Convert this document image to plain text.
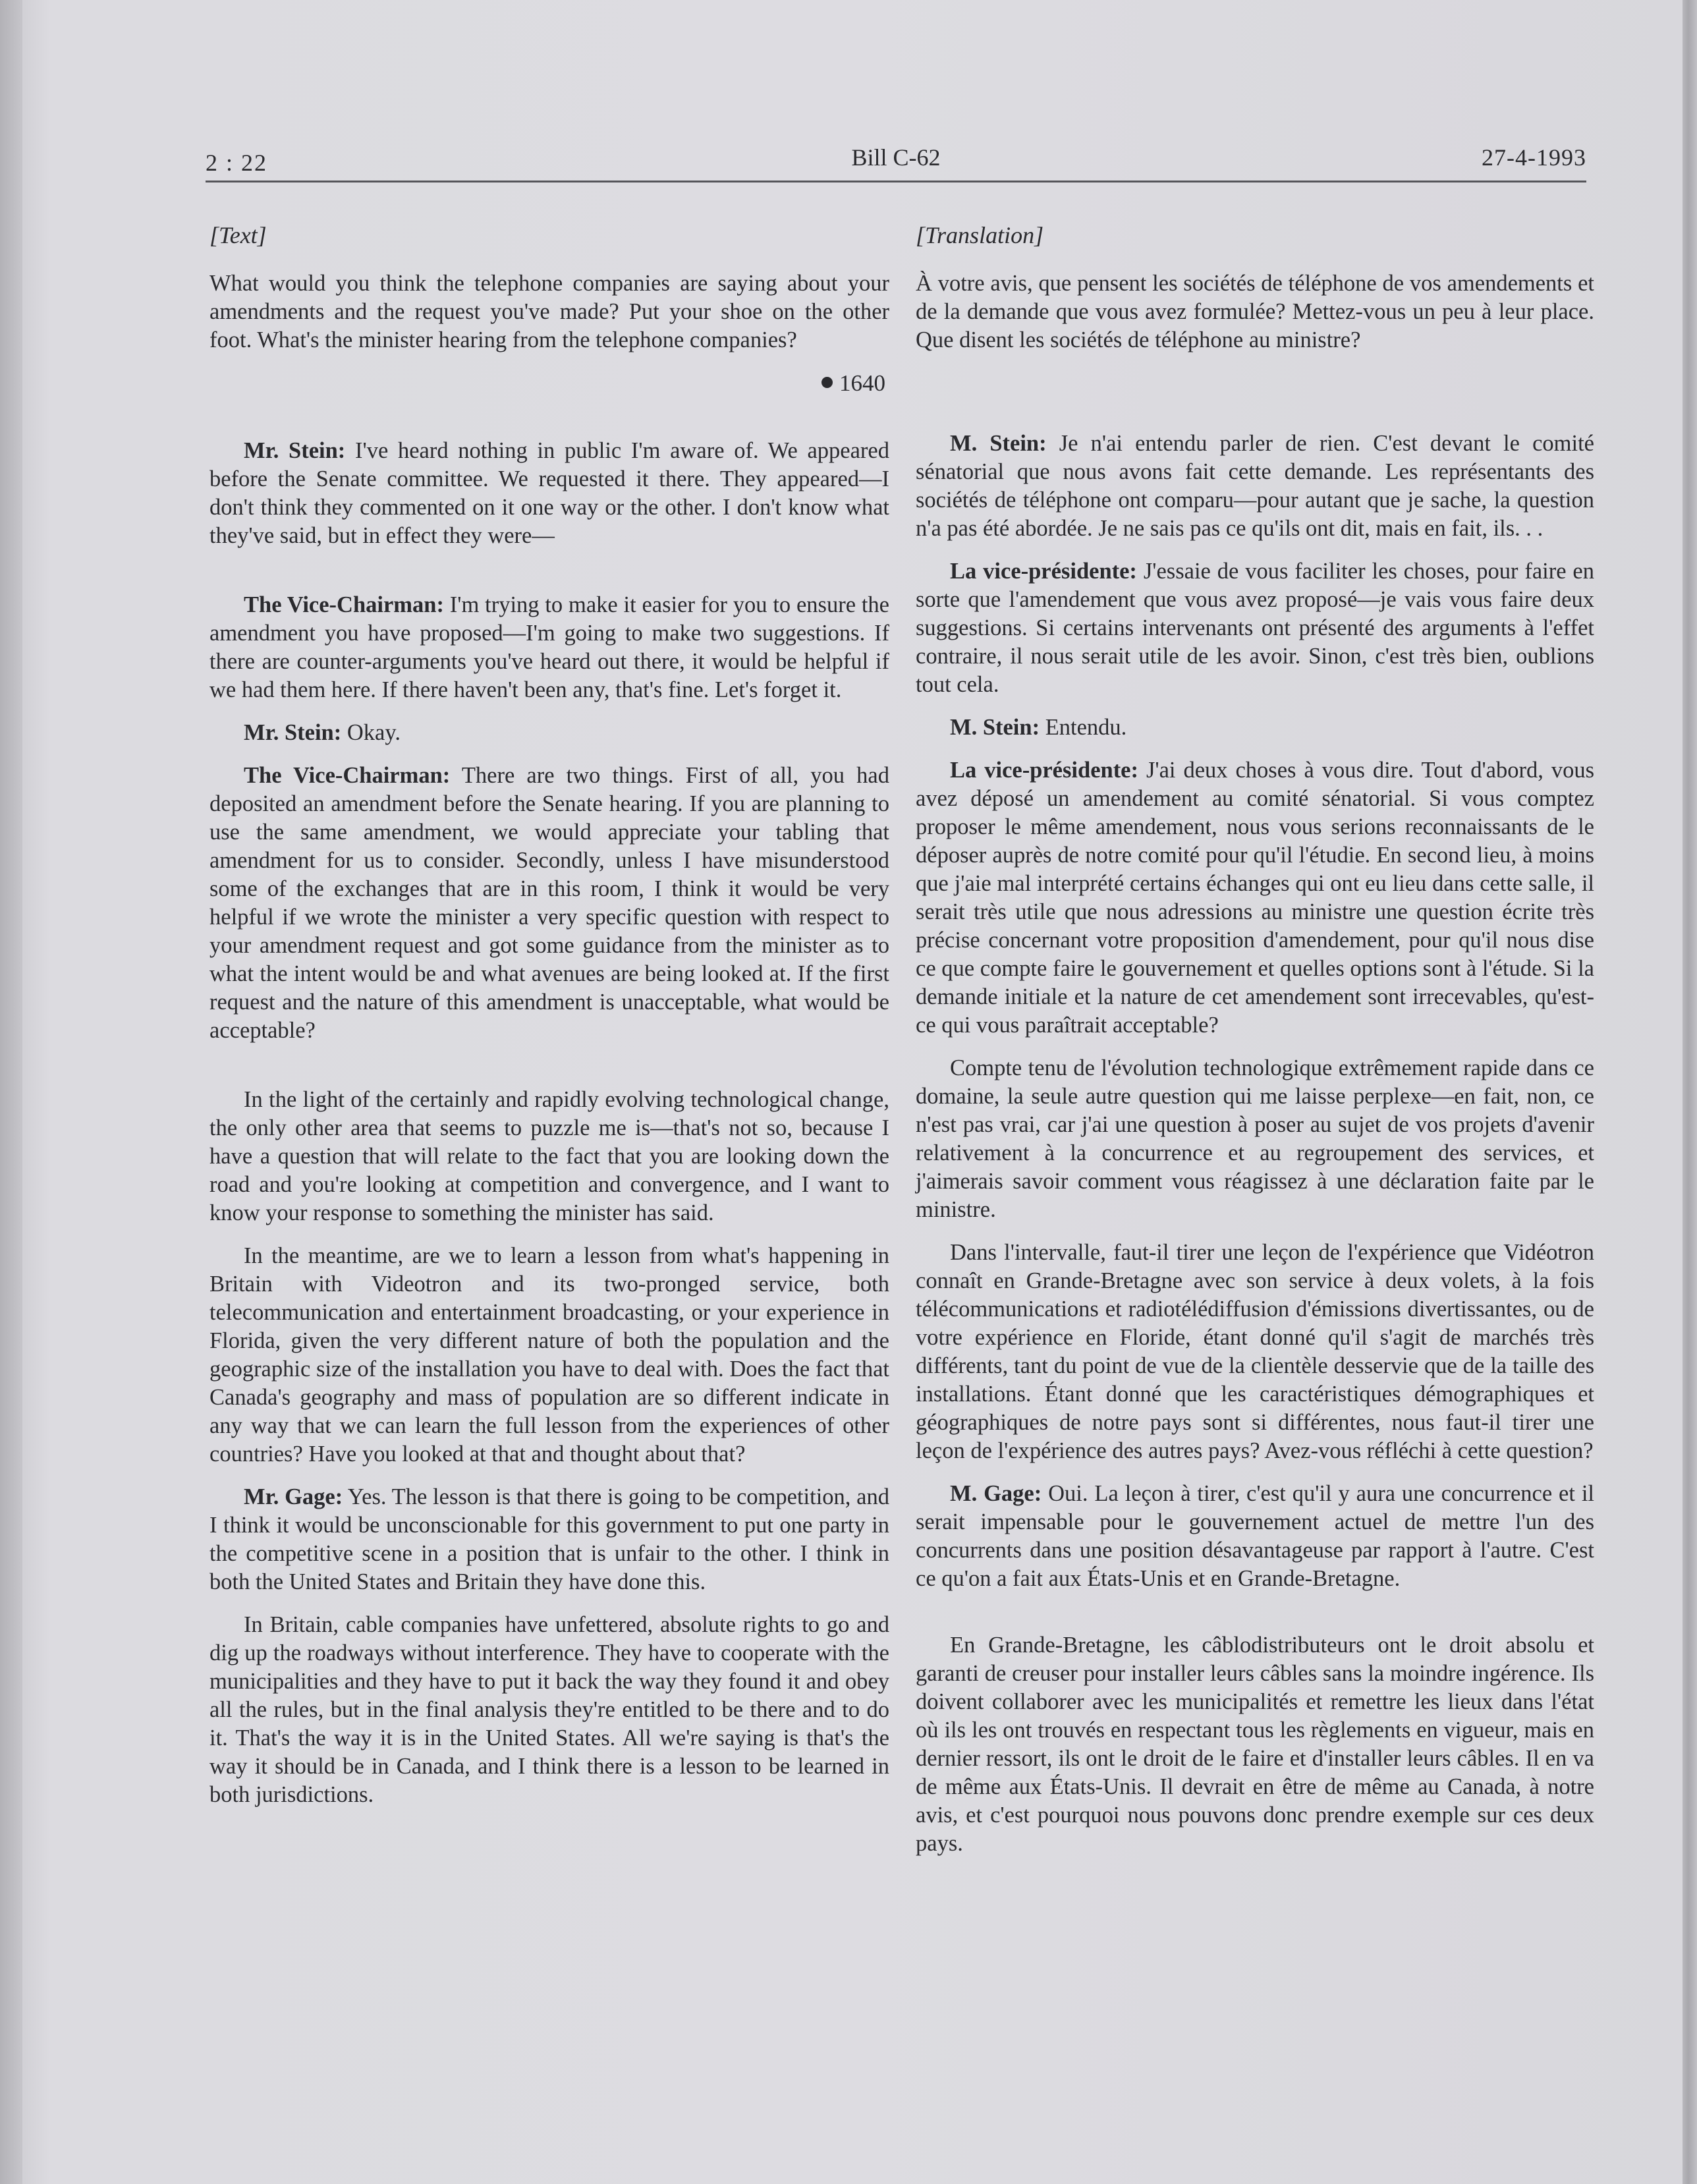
2 : 22	Bill C-62	27-4-1993
[Text]

What would you think the telephone companies are saying about your amendments and the request you've made? Put your shoe on the other foot. What's the minister hearing from the telephone companies?

1640

Mr. Stein: I've heard nothing in public I'm aware of. We appeared before the Senate committee. We requested it there. They appeared—I don't think they commented on it one way or the other. I don't know what they've said, but in effect they were—

The Vice-Chairman: I'm trying to make it easier for you to ensure the amendment you have proposed—I'm going to make two suggestions. If there are counter-arguments you've heard out there, it would be helpful if we had them here. If there haven't been any, that's fine. Let's forget it.

Mr. Stein: Okay.

The Vice-Chairman: There are two things. First of all, you had deposited an amendment before the Senate hearing. If you are planning to use the same amendment, we would appreciate your tabling that amendment for us to consider. Secondly, unless I have misunderstood some of the exchanges that are in this room, I think it would be very helpful if we wrote the minister a very specific question with respect to your amendment request and got some guidance from the minister as to what the intent would be and what avenues are being looked at. If the first request and the nature of this amendment is unacceptable, what would be acceptable?

In the light of the certainly and rapidly evolving technological change, the only other area that seems to puzzle me is—that's not so, because I have a question that will relate to the fact that you are looking down the road and you're looking at competition and convergence, and I want to know your response to something the minister has said.

In the meantime, are we to learn a lesson from what's happening in Britain with Videotron and its two-pronged service, both telecommunication and entertainment broadcasting, or your experience in Florida, given the very different nature of both the population and the geographic size of the installation you have to deal with. Does the fact that Canada's geography and mass of population are so different indicate in any way that we can learn the full lesson from the experiences of other countries? Have you looked at that and thought about that?

Mr. Gage: Yes. The lesson is that there is going to be competition, and I think it would be unconscionable for this government to put one party in the competitive scene in a position that is unfair to the other. I think in both the United States and Britain they have done this.

In Britain, cable companies have unfettered, absolute rights to go and dig up the roadways without interference. They have to cooperate with the municipalities and they have to put it back the way they found it and obey all the rules, but in the final analysis they're entitled to be there and to do it. That's the way it is in the United States. All we're saying is that's the way it should be in Canada, and I think there is a lesson to be learned in both jurisdictions.

[Translation]

À votre avis, que pensent les sociétés de téléphone de vos amendements et de la demande que vous avez formulée? Mettez-vous un peu à leur place. Que disent les sociétés de téléphone au ministre?

M. Stein: Je n'ai entendu parler de rien. C'est devant le comité sénatorial que nous avons fait cette demande. Les représentants des sociétés de téléphone ont comparu—pour autant que je sache, la question n'a pas été abordée. Je ne sais pas ce qu'ils ont dit, mais en fait, ils. . .

La vice-présidente: J'essaie de vous faciliter les choses, pour faire en sorte que l'amendement que vous avez proposé—je vais vous faire deux suggestions. Si certains intervenants ont présenté des arguments à l'effet contraire, il nous serait utile de les avoir. Sinon, c'est très bien, oublions tout cela.

M. Stein: Entendu.

La vice-présidente: J'ai deux choses à vous dire. Tout d'abord, vous avez déposé un amendement au comité sénatorial. Si vous comptez proposer le même amendement, nous vous serions reconnaissants de le déposer auprès de notre comité pour qu'il l'étudie. En second lieu, à moins que j'aie mal interprété certains échanges qui ont eu lieu dans cette salle, il serait très utile que nous adressions au ministre une question écrite très précise concernant votre proposition d'amendement, pour qu'il nous dise ce que compte faire le gouvernement et quelles options sont à l'étude. Si la demande initiale et la nature de cet amendement sont irrecevables, qu'est-ce qui vous paraîtrait acceptable?

Compte tenu de l'évolution technologique extrêmement rapide dans ce domaine, la seule autre question qui me laisse perplexe—en fait, non, ce n'est pas vrai, car j'ai une question à poser au sujet de vos projets d'avenir relativement à la concurrence et au regroupement des services, et j'aimerais savoir comment vous réagissez à une déclaration faite par le ministre.

Dans l'intervalle, faut-il tirer une leçon de l'expérience que Vidéotron connaît en Grande-Bretagne avec son service à deux volets, à la fois télécommunications et radiotélédiffusion d'émissions divertissantes, ou de votre expérience en Floride, étant donné qu'il s'agit de marchés très différents, tant du point de vue de la clientèle desservie que de la taille des installations. Étant donné que les caractéristiques démographiques et géographiques de notre pays sont si différentes, nous faut-il tirer une leçon de l'expérience des autres pays? Avez-vous réfléchi à cette question?

M. Gage: Oui. La leçon à tirer, c'est qu'il y aura une concurrence et il serait impensable pour le gouvernement actuel de mettre l'un des concurrents dans une position désavantageuse par rapport à l'autre. C'est ce qu'on a fait aux États-Unis et en Grande-Bretagne.

En Grande-Bretagne, les câblodistributeurs ont le droit absolu et garanti de creuser pour installer leurs câbles sans la moindre ingérence. Ils doivent collaborer avec les municipalités et remettre les lieux dans l'état où ils les ont trouvés en respectant tous les règlements en vigueur, mais en dernier ressort, ils ont le droit de le faire et d'installer leurs câbles. Il en va de même aux États-Unis. Il devrait en être de même au Canada, à notre avis, et c'est pourquoi nous pouvons donc prendre exemple sur ces deux pays.
